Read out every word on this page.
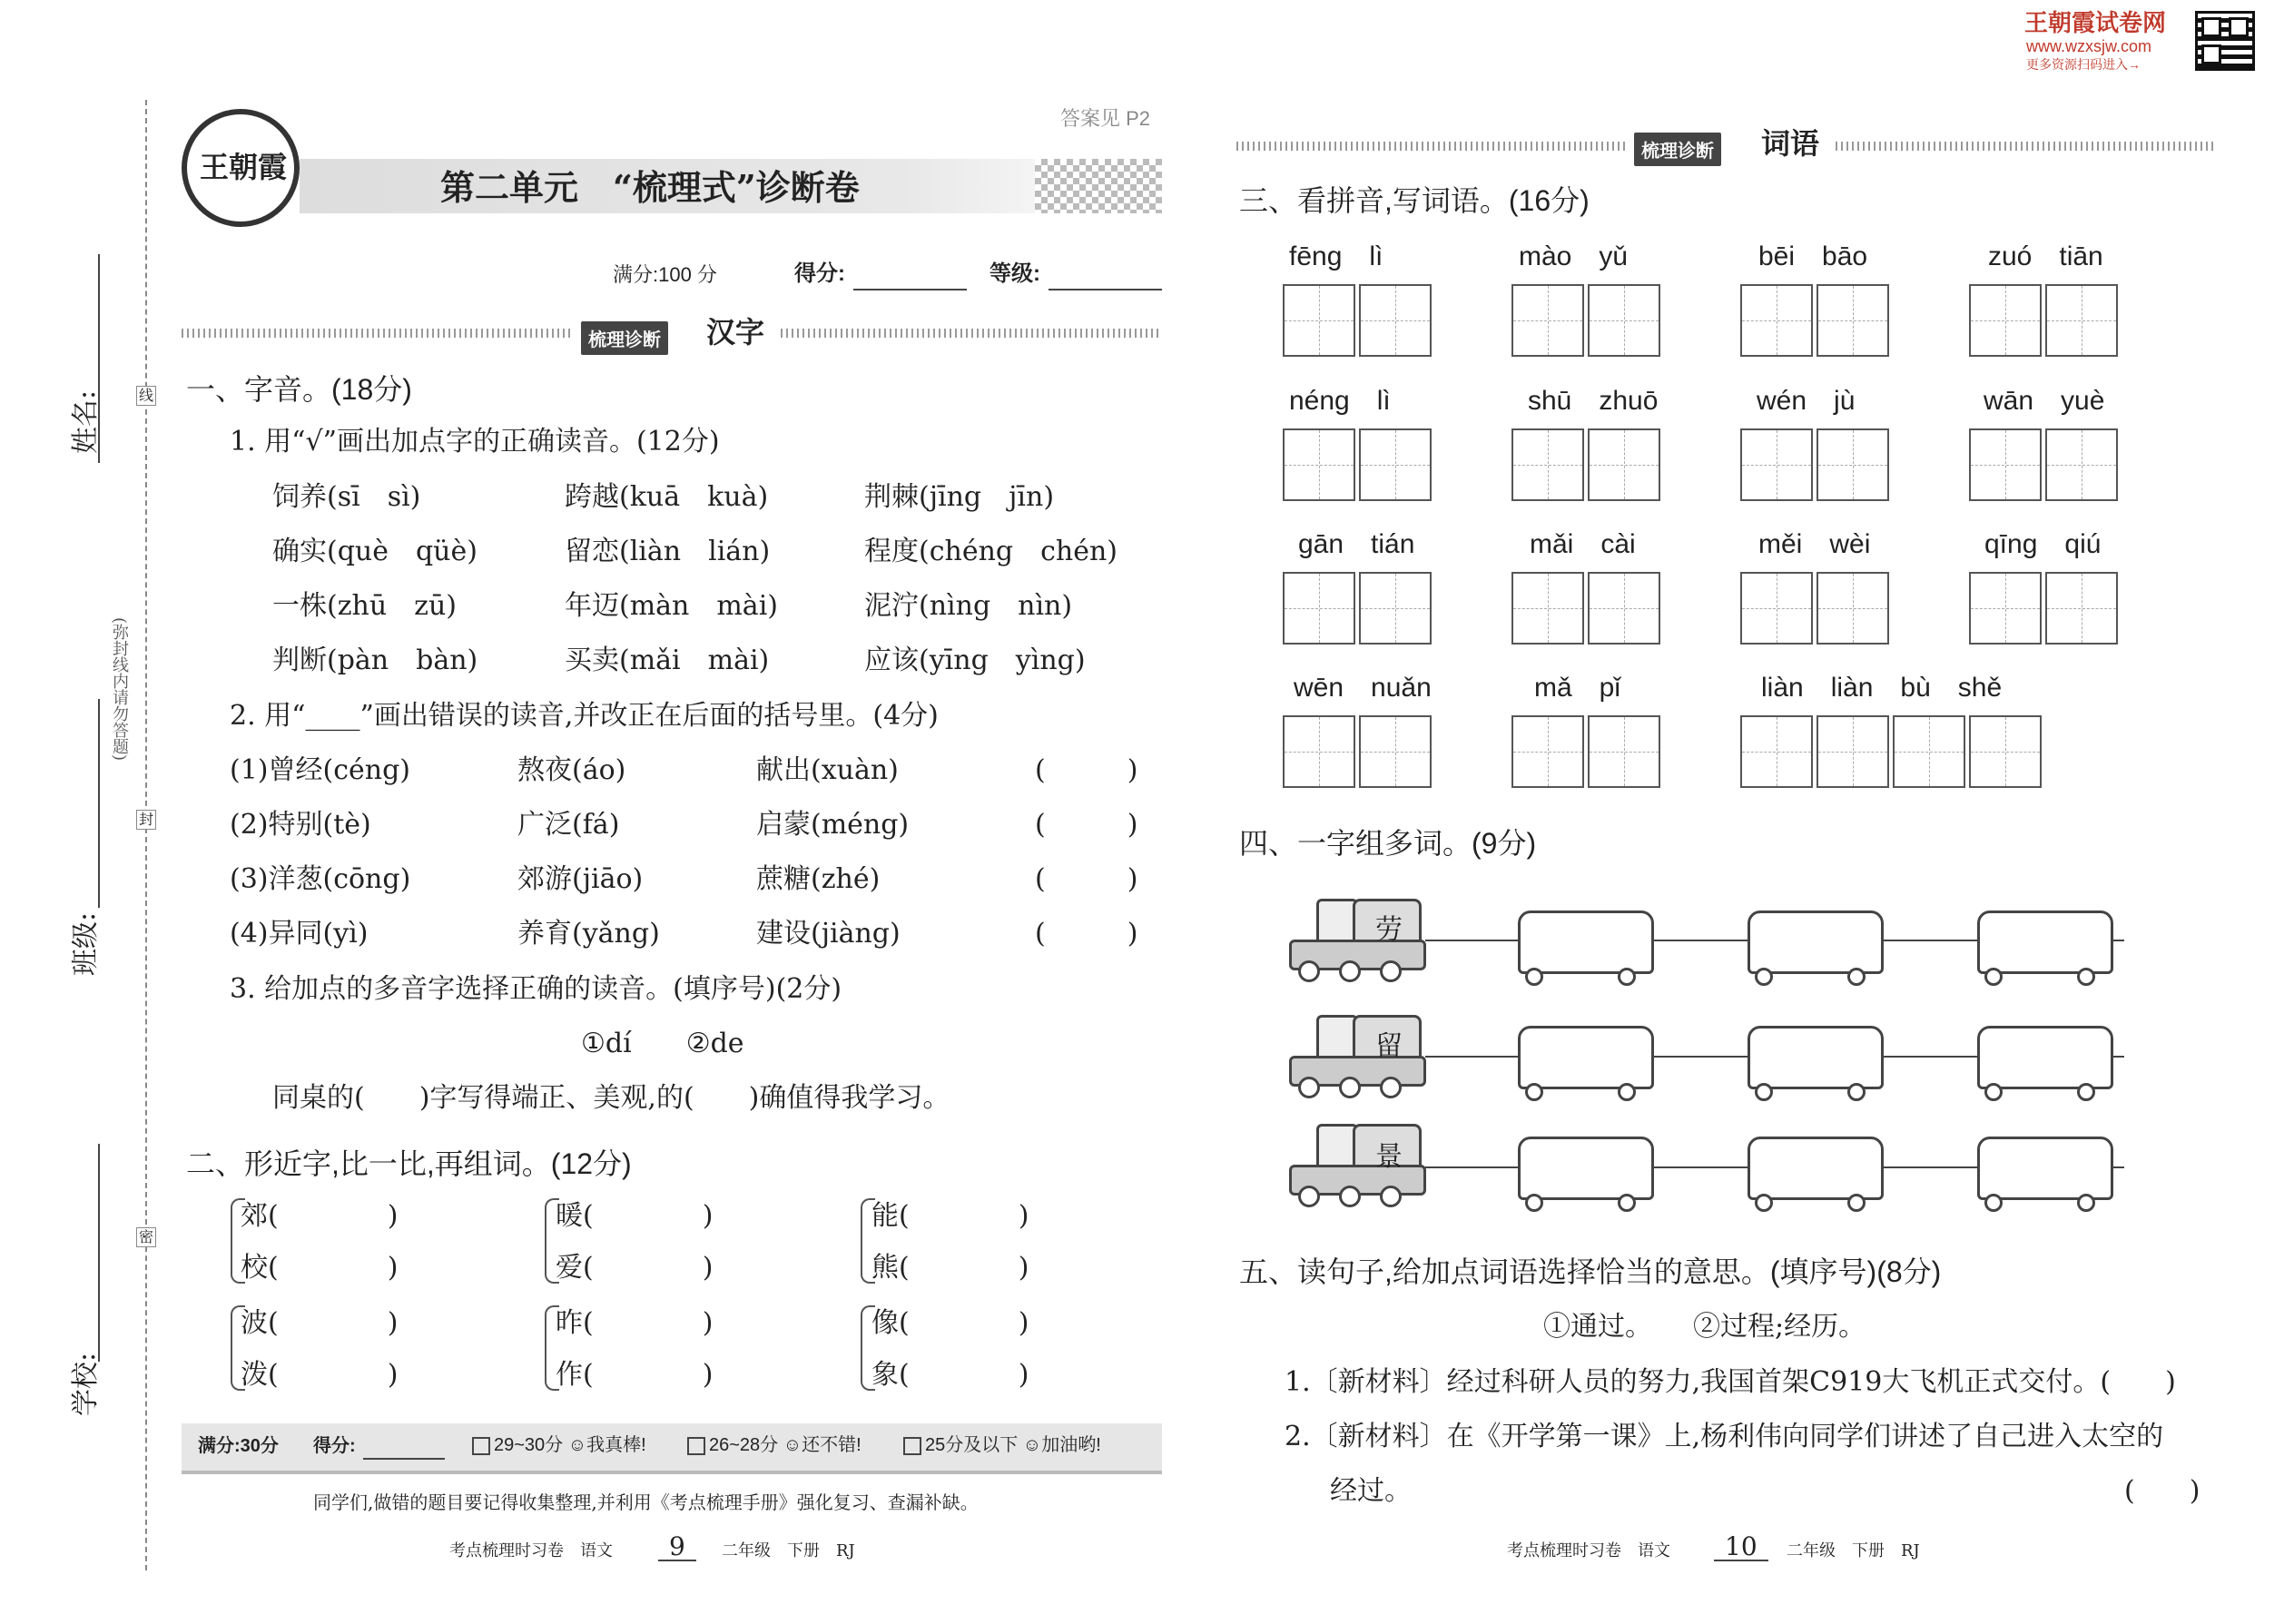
王朝霞试卷网
www.wzxsjw.com
更多资源扫码进入→
姓名:
班级:
学校:
(弥封线内请勿答题)
线
封
密
王朝霞
答案见 P2
第二单元　“梳理式”诊断卷
满分:100 分	得分:	等级:
梳理诊断 汉字
一、字音。(18分)
1. 用“√”画出加点字的正确读音。(12分)
饲养(sī　sì)	跨越(kuā　kuà)	荆棘(jīng　jīn)
确实(què　qüè)	留恋(liàn　lián)	程度(chéng　chén)
一株(zhū　zū)	年迈(màn　mài)	泥泞(nìng　nìn)
判断(pàn　bàn)	买卖(mǎi　mài)	应该(yīng　yìng)
2. 用“____”画出错误的读音,并改正在后面的括号里。(4分)
(1)曾经(céng)	熬夜(áo)	献出(xuàn)	(　　　)
(2)特别(tè)	广泛(fá)	启蒙(méng)	(　　　)
(3)洋葱(cōng)	郊游(jiāo)	蔗糖(zhé)	(　　　)
(4)异同(yì)	养育(yǎng)	建设(jiàng)	(　　　)
3. 给加点的多音字选择正确的读音。(填序号)(2分)
①dí　　②de
同桌的(　　)字写得端正、美观,的(　　)确值得我学习。
二、形近字,比一比,再组词。(12分)
郊(　　　　)
校(　　　　)
暖(　　　　)
爱(　　　　)
能(　　　　)
熊(　　　　)
波(　　　　)
泼(　　　　)
昨(　　　　)
作(　　　　)
像(　　　　)
象(　　　　)
满分:30分 得分:	29~30分 ☺我真棒!	26~28分 ☺还不错!	25分及以下 ☺加油哟!
同学们,做错的题目要记得收集整理,并利用《考点梳理手册》强化复习、查漏补缺。
考点梳理时习卷　语文	9	二年级　下册　RJ
梳理诊断 词语
三、看拼音,写词语。(16分)
fēng　lì	mào　yǔ	bēi　bāo	zuó　tiān
néng　lì	shū　zhuō	wén　jù	wān　yuè
gān　tián	mǎi　cài	měi　wèi	qīng　qiú
wēn　nuǎn	mǎ　pǐ	liàn　liàn　bù　shě
四、一字组多词。(9分)
劳
留
景
五、读句子,给加点词语选择恰当的意思。(填序号)(8分)
①通过。　　②过程;经历。
1.〔新材料〕经过科研人员的努力,我国首架C919大飞机正式交付。(　　)
2.〔新材料〕在《开学第一课》上,杨利伟向同学们讲述了自己进入太空的
经过。	(　　)
考点梳理时习卷　语文	10	二年级　下册　RJ
